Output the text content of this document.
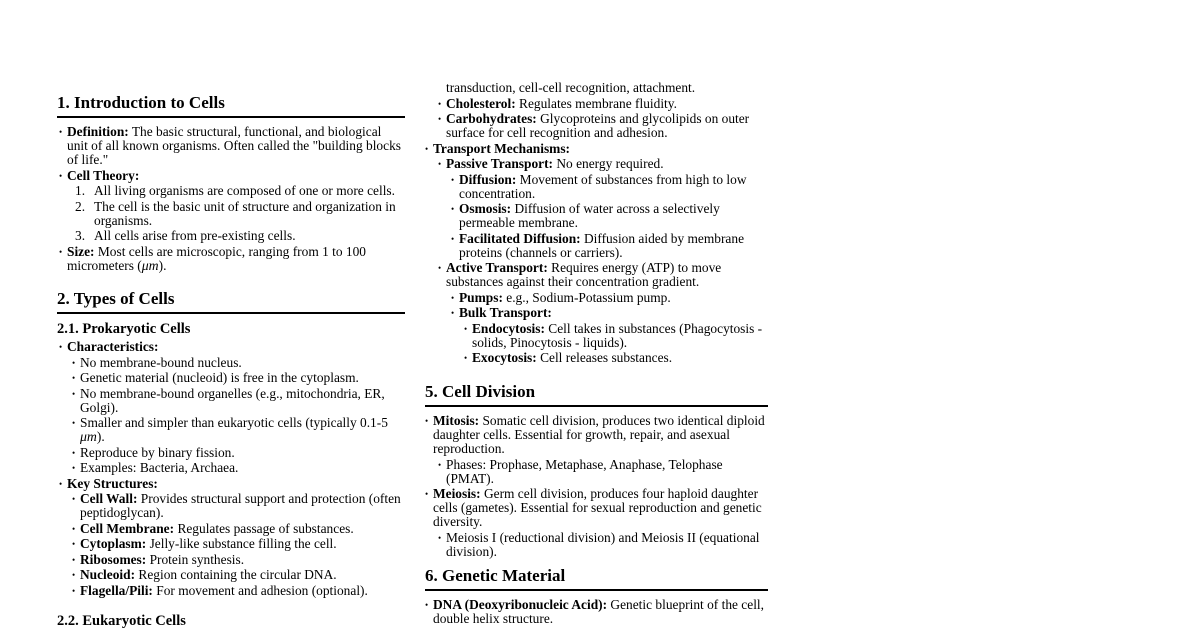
1. Introduction to Cells
• Definition: The basic structural, functional, and biological unit of all known organisms. Often called the "building blocks of life."
• Cell Theory:
1. All living organisms are composed of one or more cells.
2. The cell is the basic unit of structure and organization in organisms.
3. All cells arise from pre-existing cells.
• Size: Most cells are microscopic, ranging from 1 to 100 micrometers (μm).
2. Types of Cells
2.1. Prokaryotic Cells
• Characteristics:
• No membrane-bound nucleus.
• Genetic material (nucleoid) is free in the cytoplasm.
• No membrane-bound organelles (e.g., mitochondria, ER, Golgi).
• Smaller and simpler than eukaryotic cells (typically 0.1-5 μm).
• Reproduce by binary fission.
• Examples: Bacteria, Archaea.
• Key Structures:
• Cell Wall: Provides structural support and protection (often peptidoglycan).
• Cell Membrane: Regulates passage of substances.
• Cytoplasm: Jelly-like substance filling the cell.
• Ribosomes: Protein synthesis.
• Nucleoid: Region containing the circular DNA.
• Flagella/Pili: For movement and adhesion (optional).
2.2. Eukaryotic Cells
transduction, cell-cell recognition, attachment.
• Cholesterol: Regulates membrane fluidity.
• Carbohydrates: Glycoproteins and glycolipids on outer surface for cell recognition and adhesion.
• Transport Mechanisms:
• Passive Transport: No energy required.
• Diffusion: Movement of substances from high to low concentration.
• Osmosis: Diffusion of water across a selectively permeable membrane.
• Facilitated Diffusion: Diffusion aided by membrane proteins (channels or carriers).
• Active Transport: Requires energy (ATP) to move substances against their concentration gradient.
• Pumps: e.g., Sodium-Potassium pump.
• Bulk Transport:
• Endocytosis: Cell takes in substances (Phagocytosis - solids, Pinocytosis - liquids).
• Exocytosis: Cell releases substances.
5. Cell Division
• Mitosis: Somatic cell division, produces two identical diploid daughter cells. Essential for growth, repair, and asexual reproduction.
• Phases: Prophase, Metaphase, Anaphase, Telophase (PMAT).
• Meiosis: Germ cell division, produces four haploid daughter cells (gametes). Essential for sexual reproduction and genetic diversity.
• Meiosis I (reductional division) and Meiosis II (equational division).
6. Genetic Material
• DNA (Deoxyribonucleic Acid): Genetic blueprint of the cell, double helix structure.
